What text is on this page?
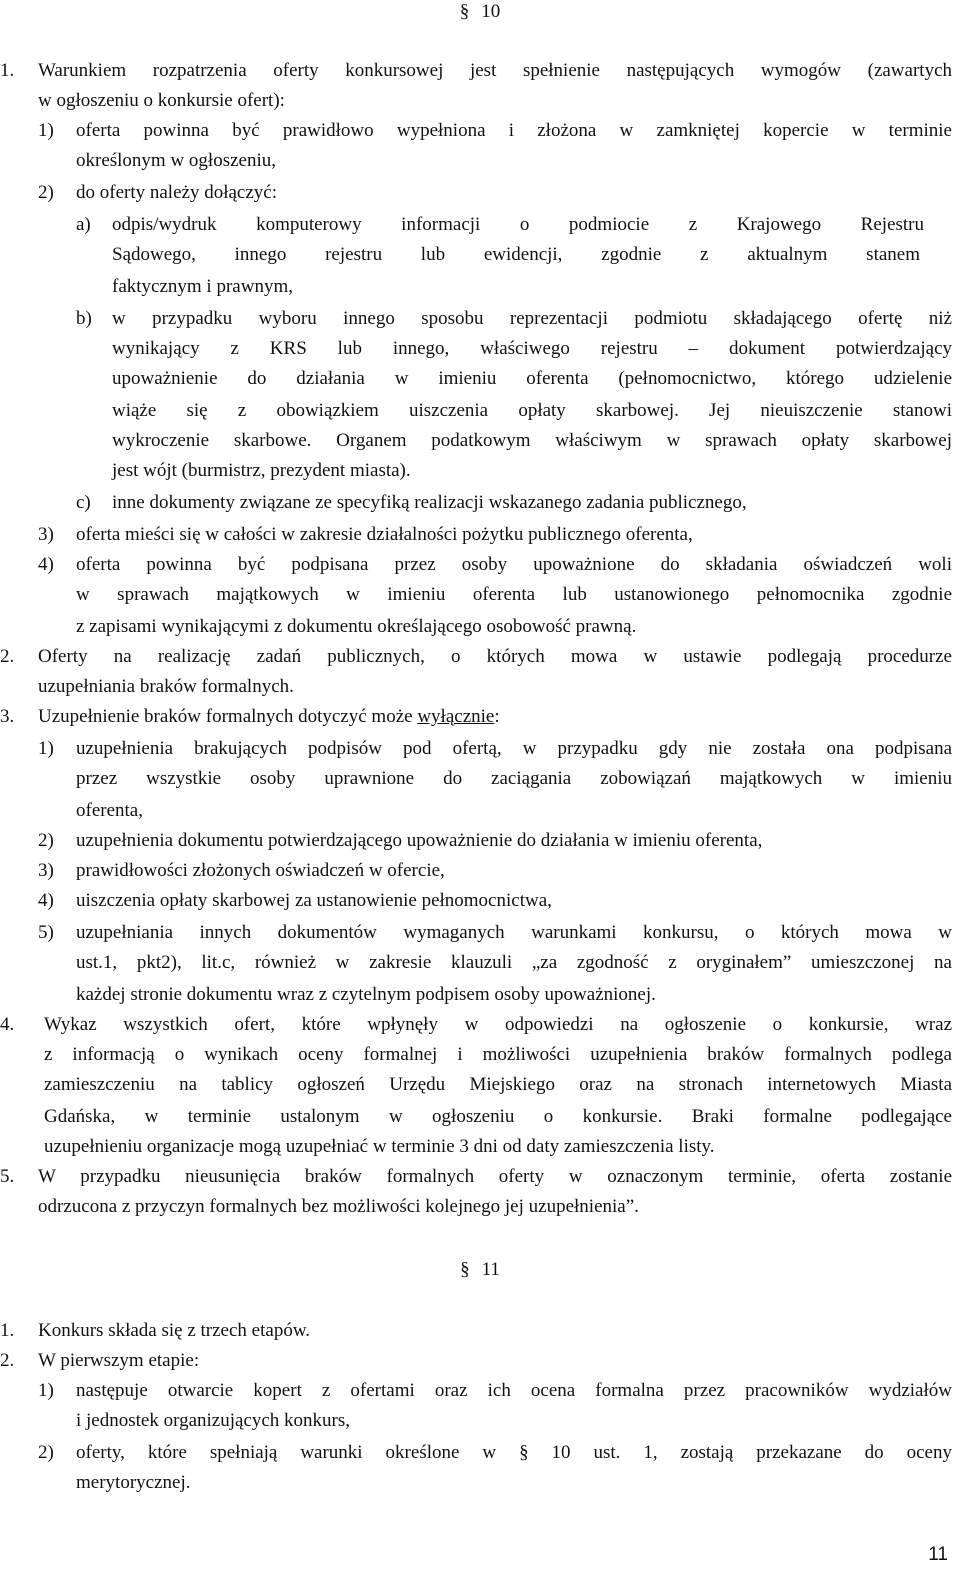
§ 10
1. Warunkiem rozpatrzenia oferty konkursowej jest spełnienie następujących wymogów (zawartych
w ogłoszeniu o konkursie ofert):
1) oferta powinna być prawidłowo wypełniona i złożona w zamkniętej kopercie w terminie
określonym w ogłoszeniu,
2) do oferty należy dołączyć:
a) odpis/wydruk komputerowy informacji o podmiocie z Krajowego Rejestru
Sądowego, innego rejestru lub ewidencji, zgodnie z aktualnym stanem
faktycznym i prawnym,
b) w przypadku wyboru innego sposobu reprezentacji podmiotu składającego ofertę niż
wynikający z KRS lub innego, właściwego rejestru – dokument potwierdzający
upoważnienie do działania w imieniu oferenta (pełnomocnictwo, którego udzielenie
wiąże się z obowiązkiem uiszczenia opłaty skarbowej. Jej nieuiszczenie stanowi
wykroczenie skarbowe. Organem podatkowym właściwym w sprawach opłaty skarbowej
jest wójt (burmistrz, prezydent miasta).
c) inne dokumenty związane ze specyfiką realizacji wskazanego zadania publicznego,
3) oferta mieści się w całości w zakresie działalności pożytku publicznego oferenta,
4) oferta powinna być podpisana przez osoby upoważnione do składania oświadczeń woli
w sprawach majątkowych w imieniu oferenta lub ustanowionego pełnomocnika zgodnie
z zapisami wynikającymi z dokumentu określającego osobowość prawną.
2. Oferty na realizację zadań publicznych, o których mowa w ustawie podlegają procedurze
uzupełniania braków formalnych.
3. Uzupełnienie braków formalnych dotyczyć może wyłącznie:
1) uzupełnienia brakujących podpisów pod ofertą, w przypadku gdy nie została ona podpisana
przez wszystkie osoby uprawnione do zaciągania zobowiązań majątkowych w imieniu
oferenta,
2) uzupełnienia dokumentu potwierdzającego upoważnienie do działania w imieniu oferenta,
3) prawidłowości złożonych oświadczeń w ofercie,
4) uiszczenia opłaty skarbowej za ustanowienie pełnomocnictwa,
5) uzupełniania innych dokumentów wymaganych warunkami konkursu, o których mowa w
ust.1, pkt2), lit.c, również w zakresie klauzuli „za zgodność z oryginałem” umieszczonej na
każdej stronie dokumentu wraz z czytelnym podpisem osoby upoważnionej.
4. Wykaz wszystkich ofert, które wpłynęły w odpowiedzi na ogłoszenie o konkursie, wraz
z informacją o wynikach oceny formalnej i możliwości uzupełnienia braków formalnych podlega
zamieszczeniu na tablicy ogłoszeń Urzędu Miejskiego oraz na stronach internetowych Miasta
Gdańska, w terminie ustalonym w ogłoszeniu o konkursie. Braki formalne podlegające
uzupełnieniu organizacje mogą uzupełniać w terminie 3 dni od daty zamieszczenia listy.
5. W przypadku nieusunięcia braków formalnych oferty w oznaczonym terminie, oferta zostanie
odrzucona z przyczyn formalnych bez możliwości kolejnego jej uzupełnienia”.
§ 11
1. Konkurs składa się z trzech etapów.
2. W pierwszym etapie:
1) następuje otwarcie kopert z ofertami oraz ich ocena formalna przez pracowników wydziałów
i jednostek organizujących konkurs,
2) oferty, które spełniają warunki określone w § 10 ust. 1, zostają przekazane do oceny
merytorycznej.
11
